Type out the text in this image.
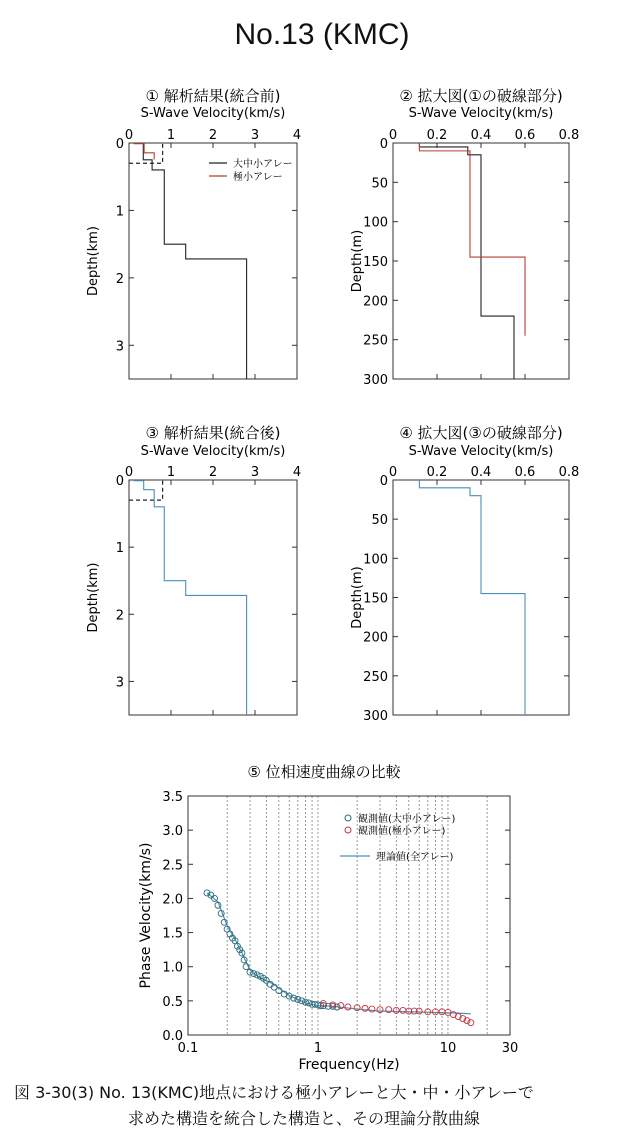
No.13 (KMC)
① 解析結果(統合前)
S-Wave Velocity(km/s)
Depth(km)
0	1	2	3	4
0
1
2
3
大中小アレー
極小アレー
② 拡大図(①の破線部分)
S-Wave Velocity(km/s)
Depth(m)
0 0.2 0.4 0.6 0.8
0
50
100
150
200
250
300
③ 解析結果(統合後)
S-Wave Velocity(km/s)
Depth(km)
0	1	2	3	4
0
1
2
3
④ 拡大図(③の破線部分)
S-Wave Velocity(km/s)
Depth(m)
0 0.2 0.4 0.6 0.8
0
50
100
150
200
250
300
⑤ 位相速度曲線の比較
0.0
0.5
1.0
1.5
2.0
2.5
3.0
3.5
0.1	1	10	30
Frequency(Hz)
Phase Velocity(km/s)
観測値(大中小アレー)
観測値(極小アレー)
理論値(全アレー)
図 3-30(3) No. 13(KMC)地点における極小アレーと大・中・小アレーで
求めた構造を統合した構造と、その理論分散曲線
